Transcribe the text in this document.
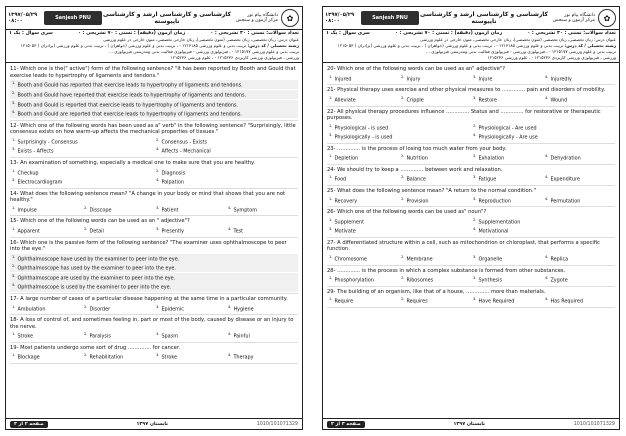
۱۳۹۷/۰۵/۲۹
۰۸:۰۰	Sanjesh PNU	کارشناسی و کارشناسی ارشد و کارشناسی ناپیوسته
دانشگاه پیام نور
مرکز آزمون و سنجش	✿
تعداد سوالات: تستی : ۳۰ تشریحی : ۰
زمان آزمون (دقیقه) : تستی : ۷۰ تشریحی : ۰
سری سوال : یک ۱

عنوان درس: زبان تخصصی، زبان تخصصی (متون تخصصی)، زبان خارجی تخصصی، متون خارجی در علوم ورزشی

رشته تحصیلی / کد درس: تربیت بدنی و علوم ورزشی ۱۲۱۳۱۸۵ - ، تربیت بدنی و علوم ورزشی (خواهران ) ، تربیت بدنی و علوم ورزشی (برادران ) ۱۲۱۵۰۵۳

تربیت بدنی و علوم ورزشی ۱۲۱۵۱۷۷ - ، فیزیولوژی ورزشی - فیزیولوژی فعالیت بدنی وتندرستی فیزیولوژی ...

ورزشی ، فیزیولوژی ورزشی کاربردی ۱۲۱۵۲۳۶ - ، علوم ورزشی ۱۲۱۵۲۳۶

11- Which one is the(" active") form of the following sentence? "It has been reported by Booth and Gould that exercise leads to hypertrophy of ligaments and tendons."
$^{1.}$ Booth and Gould has reported that exercise leads to hypertrophy of ligaments and tendons.
$^{2.}$ Booth and Gould have reported that exercise leads to hypertrophy of ligaments and tendons.
$^{3.}$ Booth and Gould is reported that exercise leads to hypertrophy of ligaments and tendons.
$^{4.}$ Booth and Gould are reported that exercise leads to hypertrophy of ligaments and tendons.
12- Which one of the following words has been used as a" verb" in the following sentence? "Surprisingly, little consensus exists on how warm-up affects the mechanical properties of tissues."
$^{1.}$ Surprisingly - Consensus	$^{2.}$ Consensus - Exists
$^{3.}$ Exists - Affects	$^{4.}$ Affects - Mechanical
13- An examination of something, especially a medical one to make sure that you are healthy.
$^{1.}$ Checkup	$^{2.}$ Diagnosis
$^{3.}$ Electrocardiogram	$^{4.}$ Palpation
14- What does the following sentence mean? "A change in your body or mind that shows that you are not healthy."
$^{1.}$ Impulse	$^{2.}$ Disscope	$^{3.}$ Patient	$^{4.}$ Symptom
15- Which one of the following words can be used as an " adjective"?
$^{1.}$ Apparent	$^{2.}$ Detail	$^{3.}$ Presently	$^{4.}$ Test
16- Which one is the passive form of the following sentence? "The examiner uses ophthalmoscope to peer into the eye."
$^{1.}$ Ophthalmoscope have used by the examiner to peer into the eye.
$^{2.}$ Ophthalmoscope has used by the examiner to peer into the eye.
$^{3.}$ Ophthalmoscope are used by the examiner to peer into the eye.
$^{4.}$ Ophthalmoscope is used by the examiner to peer into the eye.
17- A large number of cases of a particular disease happening at the same time in a particular community.
$^{1.}$ Ambulation	$^{2.}$ Disorder	$^{3.}$ Epidemic	$^{4.}$ Hygiene
18- A loss of control of, and sometimes feeling in, part or most of the body, caused by disease or an injury to the nerve.
$^{1.}$ Stroke	$^{2.}$ Paralysis	$^{3.}$ Spasm	$^{4.}$ Painful
19- Most patients undergo some sort of drug .............. for cancer.
$^{1.}$ Blockage	$^{2.}$ Rehabilitation	$^{3.}$ Stroke	$^{4.}$ Therapy
صفحه ۲ از ۳	تابستان ۱۳۹۷	1010/101071329
۱۳۹۷/۰۵/۲۹
۰۸:۰۰	Sanjesh PNU	کارشناسی و کارشناسی ارشد و کارشناسی ناپیوسته
دانشگاه پیام نور
مرکز آزمون و سنجش	✿
تعداد سوالات: تستی : ۳۰ تشریحی : ۰
زمان آزمون (دقیقه) : تستی : ۷۰ تشریحی : ۰
سری سوال : یک ۱

عنوان درس: زبان تخصصی، زبان تخصصی (متون تخصصی)، زبان خارجی تخصصی، متون خارجی در علوم ورزشی

رشته تحصیلی / کد درس: تربیت بدنی و علوم ورزشی ۱۲۱۳۱۸۵ - ، تربیت بدنی و علوم ورزشی (خواهران ) ، تربیت بدنی و علوم ورزشی (برادران ) ۱۲۱۵۰۵۳

تربیت بدنی و علوم ورزشی ۱۲۱۵۱۷۷ - ، فیزیولوژی ورزشی - فیزیولوژی فعالیت بدنی وتندرستی فیزیولوژی ...

ورزشی ، فیزیولوژی ورزشی کاربردی ۱۲۱۵۲۳۶ - ، علوم ورزشی ۱۲۱۵۲۳۶

20- Which one of the following words can be used as an" adjective"?
$^{1.}$ Injured	$^{2.}$ Injury	$^{3.}$ Injure	$^{4.}$ Injuredly
21- Physical therapy uses exercise and other physical measures to .............. pain and disorders of mobility.
$^{1.}$ Alleviate	$^{2.}$ Cripple	$^{3.}$ Restore	$^{4.}$ Wound
22- All physical therapy procedures influence .............. Status and .............. for restorative or therapeutic purposes.
$^{1.}$ Physiological - is used	$^{2.}$ Physiological - Are used
$^{3.}$ Physiologically - is used	$^{4.}$ Physiologically - Are use
23- .............. is the process of losing too much water from your body.
$^{1.}$ Depletion	$^{2.}$ Nutrition	$^{3.}$ Exhalation	$^{4.}$ Dehydration
24- We should try to keep a .............. between work and relaxation.
$^{1.}$ Food	$^{2.}$ Balance	$^{3.}$ Fatigue	$^{4.}$ Expenditure
25- What does the following sentence mean? "A return to the normal condition."
$^{1.}$ Recovery	$^{2.}$ Provision	$^{3.}$ Reproduction	$^{4.}$ Permutation
26- Which one of the following words can be used as" noun"?
$^{1.}$ Supplement	$^{2.}$ Supplementation
$^{3.}$ Motivate	$^{4.}$ Motivational
27- A differentiated structure within a cell, such as mitochondrion or chloroplast, that performs a specific function.
$^{1.}$ Chromosome	$^{2.}$ Membrane	$^{3.}$ Organelle	$^{4.}$ Replica
28- .............. is the process in which a complex substance is formed from other substances.
$^{1.}$ Phosphorylation	$^{2.}$ Ribosomes	$^{3.}$ Synthesis	$^{4.}$ Zygote
29- The building of an organism, like that of a house, .............. more than materials.
$^{1.}$ Require	$^{2.}$ Requires	$^{3.}$ Have Required	$^{4.}$ Has Required
صفحه ۳ از ۳	تابستان ۱۳۹۷	1010/101071329
